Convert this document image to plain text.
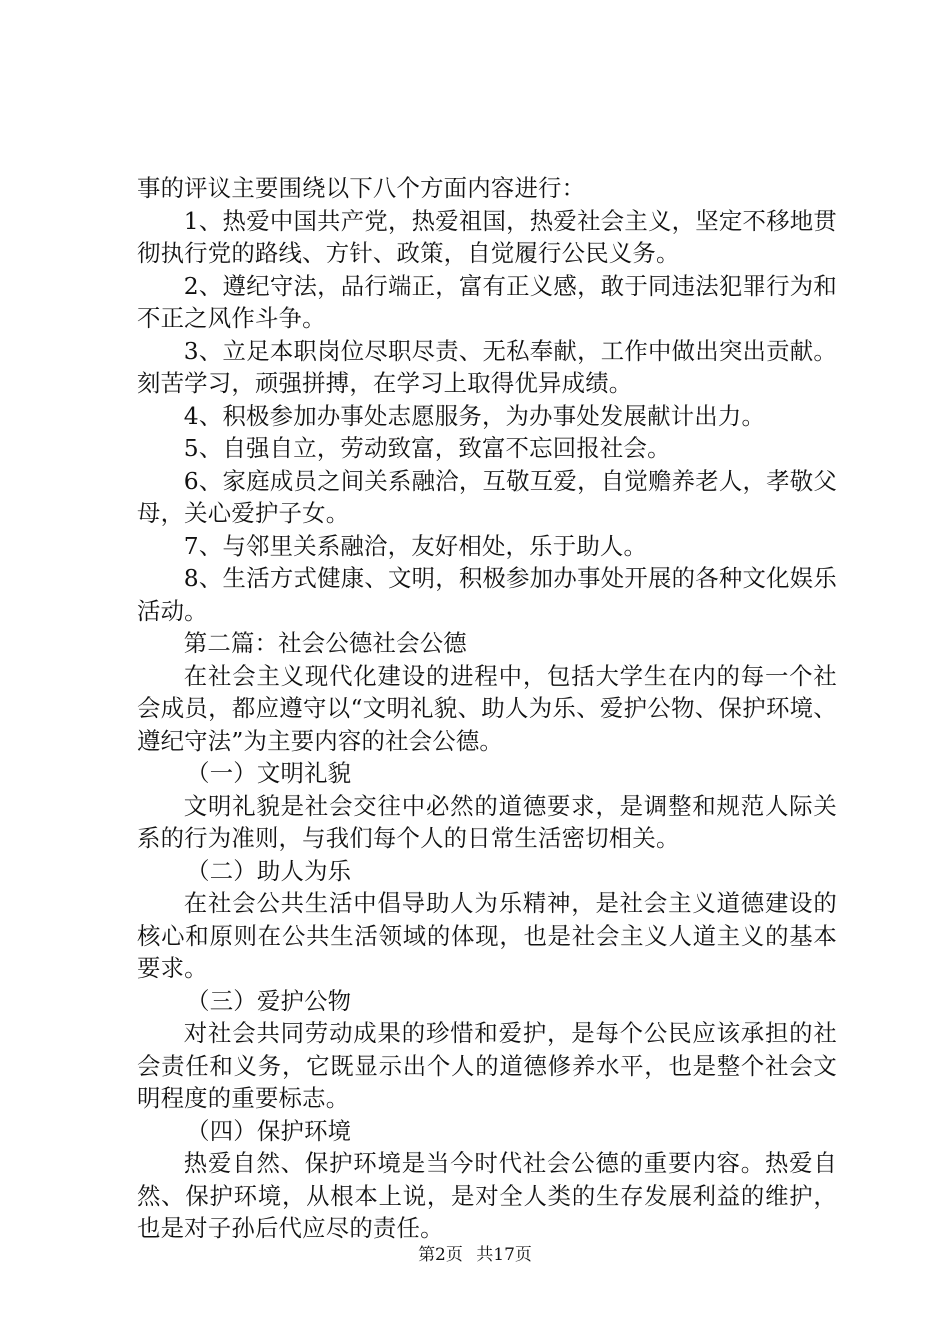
事的评议主要围绕以下八个方面内容进行：

1、热爱中国共产党，热爱祖国，热爱社会主义，坚定不移地贯彻执行党的路线、方针、政策，自觉履行公民义务。

2、遵纪守法，品行端正，富有正义感，敢于同违法犯罪行为和不正之风作斗争。

3、立足本职岗位尽职尽责、无私奉献，工作中做出突出贡献。刻苦学习，顽强拼搏，在学习上取得优异成绩。

4、积极参加办事处志愿服务，为办事处发展献计出力。

5、自强自立，劳动致富，致富不忘回报社会。

6、家庭成员之间关系融洽，互敬互爱，自觉赡养老人，孝敬父母，关心爱护子女。

7、与邻里关系融洽，友好相处，乐于助人。

8、生活方式健康、文明，积极参加办事处开展的各种文化娱乐活动。

第二篇：社会公德社会公德

在社会主义现代化建设的进程中，包括大学生在内的每一个社会成员，都应遵守以“文明礼貌、助人为乐、爱护公物、保护环境、遵纪守法”为主要内容的社会公德。

（一）文明礼貌

文明礼貌是社会交往中必然的道德要求，是调整和规范人际关系的行为准则，与我们每个人的日常生活密切相关。

（二）助人为乐

在社会公共生活中倡导助人为乐精神，是社会主义道德建设的核心和原则在公共生活领域的体现，也是社会主义人道主义的基本要求。

（三）爱护公物

对社会共同劳动成果的珍惜和爱护，是每个公民应该承担的社会责任和义务，它既显示出个人的道德修养水平，也是整个社会文明程度的重要标志。

（四）保护环境

热爱自然、保护环境是当今时代社会公德的重要内容。热爱自然、保护环境，从根本上说，是对全人类的生存发展利益的维护，也是对子孙后代应尽的责任。

第2页 共17页
